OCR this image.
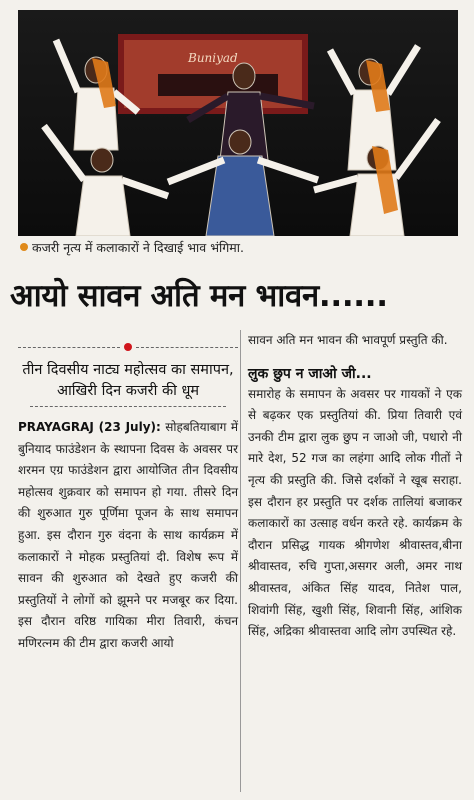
Buniyad
कजरी नृत्य में कलाकारों ने दिखाई भाव भंगिमा.
आयो सावन अति मन भावन......
तीन दिवसीय नाट्य महोत्सव का समापन, आखिरी दिन कजरी की धूम

PRAYAGRAJ (23 July): सोहबतियाबाग में बुनियाद फाउंडेशन के स्थापना दिवस के अवसर पर शरमन एग्र फाउंडेशन द्वारा आयोजित तीन दिवसीय महोत्सव शुक्रवार को समापन हो गया. तीसरे दिन की शुरुआत गुरु पूर्णिमा पूजन के साथ समापन हुआ. इस दौरान गुरु वंदना के साथ कार्यक्रम में कलाकारों ने मोहक प्रस्तुतियां दी. विशेष रूप में सावन की शुरुआत को देखते हुए कजरी की प्रस्तुतियों ने लोगों को झूमने पर मजबूर कर दिया. इस दौरान वरिष्ठ गायिका मीरा तिवारी, कंचन मणिरत्नम की टीम द्वारा कजरी आयो

सावन अति मन भावन की भावपूर्ण प्रस्तुति की.

लुक छुप न जाओ जी...

समारोह के समापन के अवसर पर गायकों ने एक से बढ़कर एक प्रस्तुतियां की. प्रिया तिवारी एवं उनकी टीम द्वारा लुक छुप न जाओ जी, पधारो नी मारे देश, 52 गज का लहंगा आदि लोक गीतों ने नृत्य की प्रस्तुति की. जिसे दर्शकों ने खूब सराहा. इस दौरान हर प्रस्तुति पर दर्शक तालियां बजाकर कलाकारों का उत्साह वर्धन करते रहे. कार्यक्रम के दौरान प्रसिद्ध गायक श्रीगणेश श्रीवास्तव,बीना श्रीवास्तव, रुचि गुप्ता,असगर अली, अमर नाथ श्रीवास्तव, अंकित सिंह यादव, नितेश पाल, शिवांगी सिंह, खुशी सिंह, शिवानी सिंह, आंशिक सिंह, अद्रिका श्रीवास्तवा आदि लोग उपस्थित रहे.
